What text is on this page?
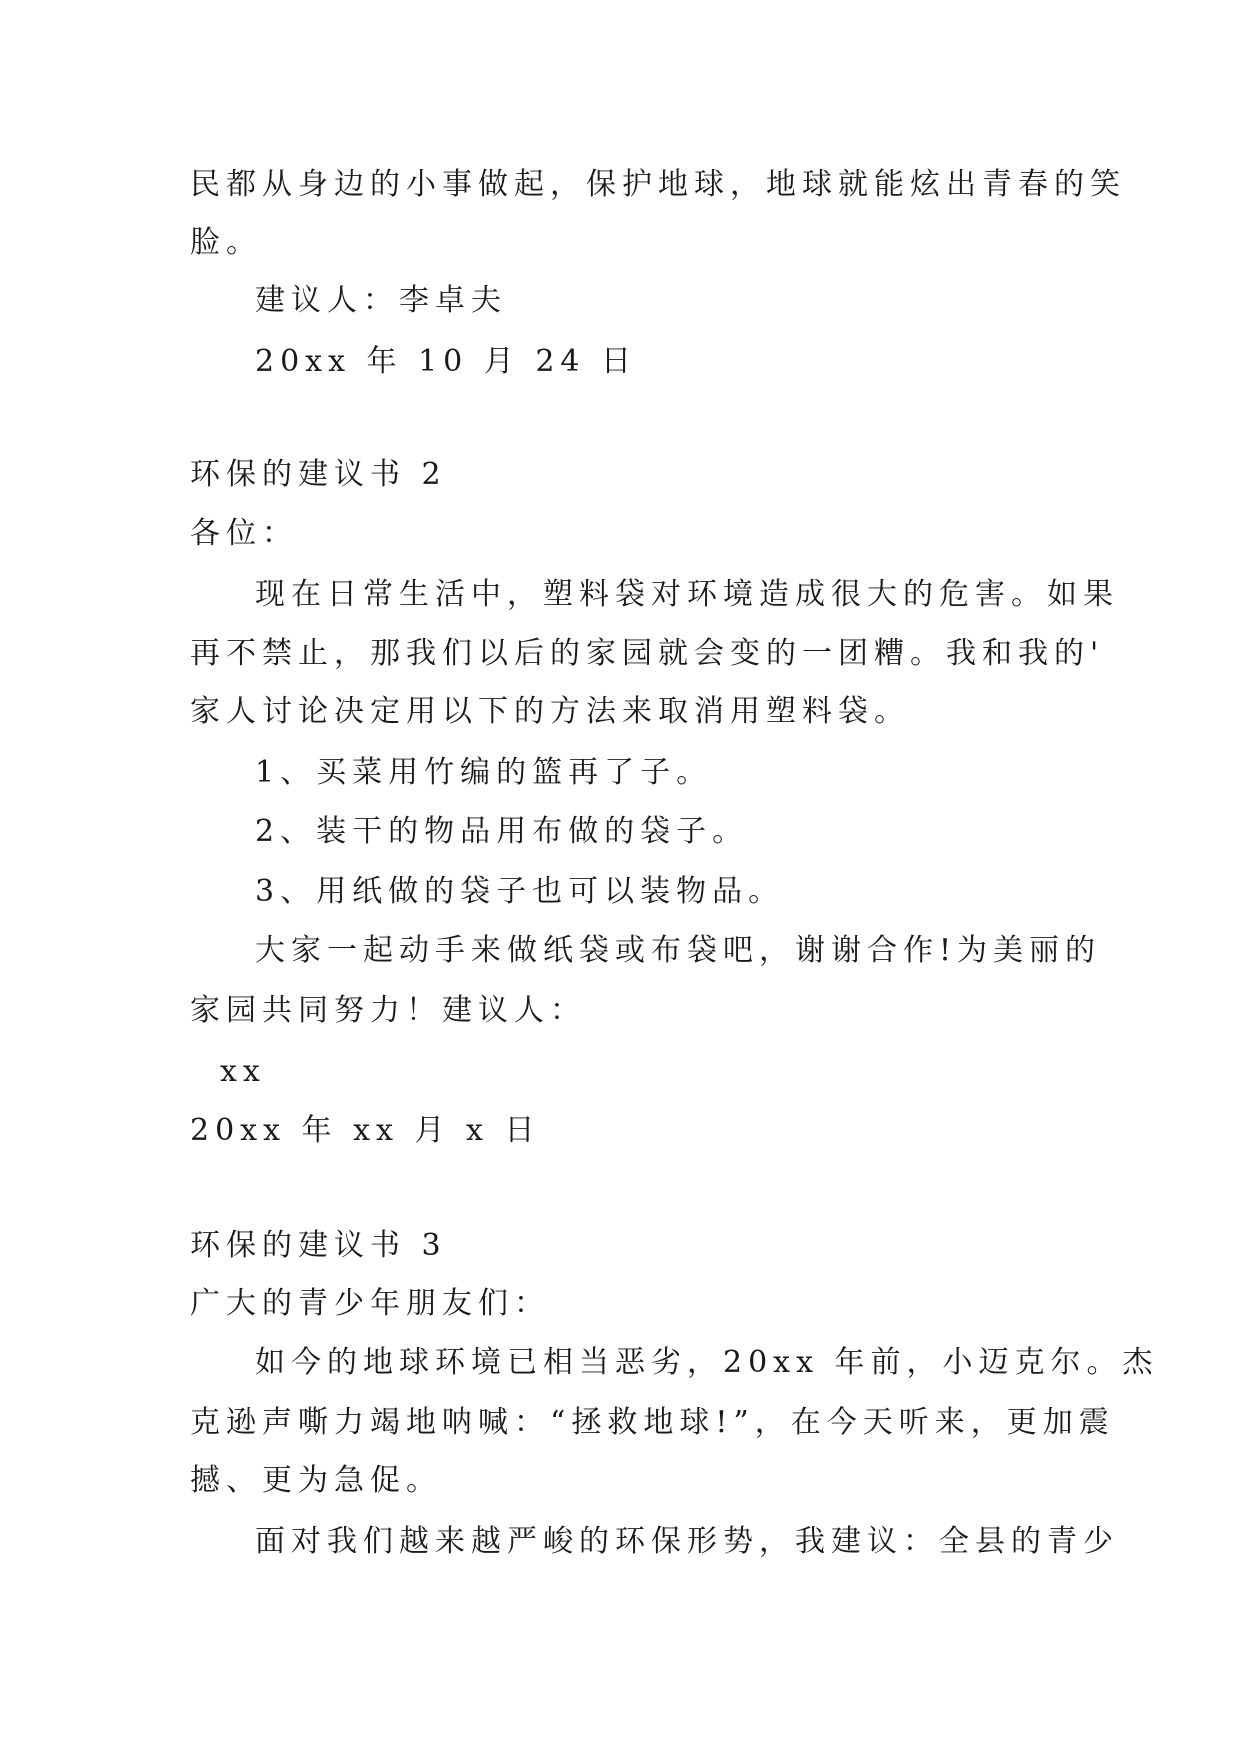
民都从身边的小事做起，保护地球，地球就能炫出青春的笑
脸。
建议人：李卓夫
20xx 年 10 月 24 日
环保的建议书 2
各位：
现在日常生活中，塑料袋对环境造成很大的危害。如果
再不禁止，那我们以后的家园就会变的一团糟。我和我的'
家人讨论决定用以下的方法来取消用塑料袋。
1、买菜用竹编的篮再了子。
2、装干的物品用布做的袋子。
3、用纸做的袋子也可以装物品。
大家一起动手来做纸袋或布袋吧，谢谢合作!为美丽的
家园共同努力！建议人：
xx
20xx 年 xx 月 x 日
环保的建议书 3
广大的青少年朋友们：
如今的地球环境已相当恶劣，20xx 年前，小迈克尔。杰
克逊声嘶力竭地呐喊：“拯救地球!”，在今天听来，更加震
撼、更为急促。
面对我们越来越严峻的环保形势，我建议：全县的青少
